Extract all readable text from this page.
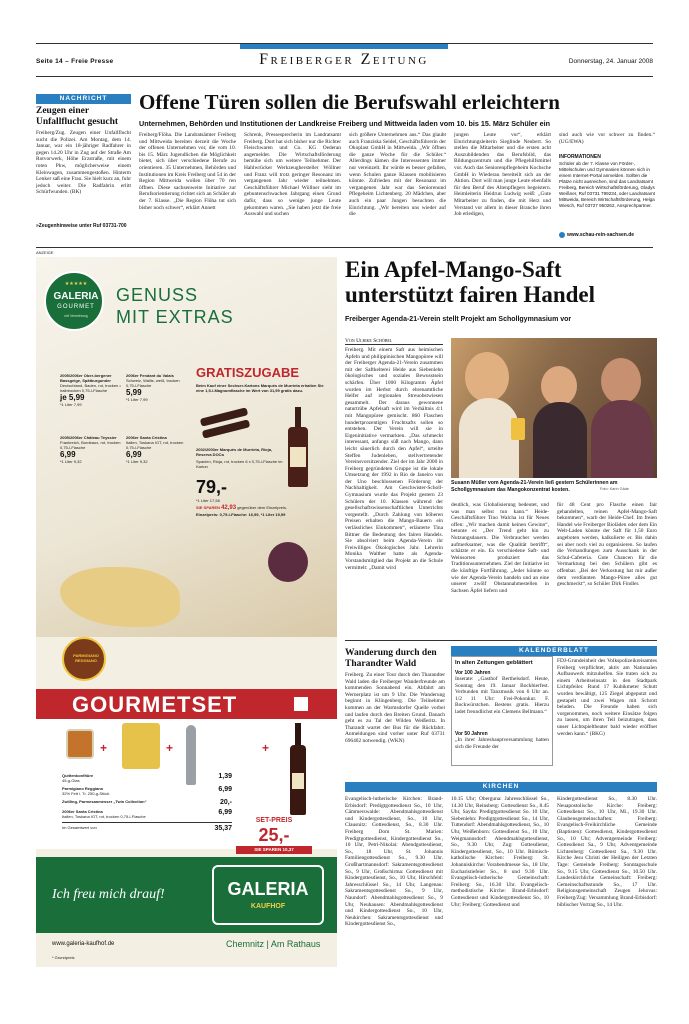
Seite 14 – Freie Presse	Freiberger Zeitung	Donnerstag, 24. Januar 2008
NACHRICHT
Zeugen einer Unfallflucht gesucht
Freiberg/Zug. Zeugen einer Unfallflucht sucht die Polizei. Am Montag, dem 14. Januar, war ein 18-jähriger Radfahrer in gegen 14.20 Uhr in Zug auf der Straße Am Rotvorwerk, Höhe Erzstraße, mit einem roten Pkw, möglicherweise einem Kleinwagen, zusammengestoßen. Hinterm Lenker saß eine Frau. Sie hielt kurz an, fuhr jedoch weiter. Die Radfahrin erlitt Schürfwunden. (BK)
»Zeugenhinweise unter Ruf 03731-700
Offene Türen sollen die Berufswahl erleichtern
Unternehmen, Behörden und Institutionen der Landkreise Freiberg und Mittweida laden vom 10. bis 15. März Schüler ein
Freiberg/Flöha. Die Landratsämter Freiberg und Mittweida bereiten derzeit die Woche der offenen Unternehmen vor, die vom 10. bis 15. März Jugendlichen die Möglichkeit bietet, sich über verschiedene Berufe zu orientieren. 35 Unternehmen, Behörden und Institutionen im Kreis Freiberg und 54 in der Region Mittweida wollen über 70 ren öffnen. Diese sachsenweite Initiative zur Berufsorientierung richtet sich an Schüler ab der 7. Klasse. „Die Region Flöha tut sich bisher noch schwer“, erklärt Annett
Schrenk, Pressesprecherin im Landratsamt Freiberg. Dort hat sich bisher nur die Richter Fleischwaren und Co. KG Oederan angemeldet. Die Wirtschaftsförderung bemühe sich um weitere Teilnehmer. Der Hahlwrücker Werkzeughersteller Wöllner und Franz will trotz geringer Resonanz im vergangenen Jahr wieder teilnehmen. Geschäftsführer Michael Wöllner sieht im gebuntenschwachen Jahrgang einen Grund dafür, dass so wenige junge Leute gekommen waren. „Sie haben jetzt die freie Auswahl und suchen
sich größere Unternehmen aus.“ Das glaubt auch Franziska Seidel, Geschäftsführerin der Okoplast GmbH in Mittweida. „Wir öffnen die ganze Woche für die Schüler.“ Allerdings kämen die Interessenten immer nur vereinzelt. Ihr würde es besser gefallen, wenn Schulen ganze Klassen mobilisieren könnte. Zufrieden mit der Resonanz im vergangenen Jahr war das Seniorenund Pflegeheim Lichtenberg. 20 Mädchen, aber auch ein paar Jungen besuchten die Einrichtung. „Wir bereiten uns wieder auf die
jungen Leute vor“, erklärt Einrichtungsleiterin Sieglinde Neubert. So stellen die Mitarbeiter und die ersten acht Auszubildenden das Berufsbild, das Bildungszentrum und die Pflegehilfsmittel vor. Auch das Seniorenpflegeheim Kochsche GmbH in Wiederau bereiteilt sich an der Aktion. Dort will man junge Leute ebenfalls für den Beruf des Altenpflegers begeistern. Heimleiterin Heidrun Ludwig weiß: „Gute Mitarbeiter zu finden, die mit Herz und Verstand vor allem in dieser Branche ihren Job erledigen,
sind auch wie vor schwer zu finden.“ (UG/EWA)
INFORMATIONEN
Schüler ab der 7. Klasse von Förder-, Mittelschulen und Gymnasien können sich in einem Internet-Portal anmelden. Sollten die Plätze nicht ausreichen, sind das Landratsamt Freiberg, Bereich Wirtschaftsförderung, Gladys Weißner, Ruf 03731 799234, oder Landratsamt Mittweida, Bereich Wirtschaftsförderung, Helga Wiesch, Ruf 03727 950262, Ansprechpartner.
www.schau-rein-sachsen.de
ANZEIGE
★★★★★
GALERIA
GOURMET
mit Vermietung
GENUSS
MIT EXTRAS
2005/2006er Ober-bergener Bassgeige, Spätburgunder
Deutschland, Baden, rot, trocken • halbtrocken 0,75-l-Flasche
je 5,99
*1 Liter 7,99
2006er Fendant du Valais
Schweiz, Wallis, weiß, trocken 0,75-l-Flasche
5,99
*1 Liter 7,99
2005/2006er Château Teyssier
Frankreich, Bordeaux, rot, trocken 0,75-l-Flasche
6,99
*1 Liter 9,32
2006er Santa Cristina
Italien, Toskana IGT, rot, trocken 0,75-l-Flasche
6,99
*1 Liter 9,32
GRATISZUGABE
Beim Kauf einer Sechser-Kartons Marqués de Murrieta erhalten Sie eine 1,5-l-Magnumflasche im Wert von 31,99 gratis dazu.
2002/2003er Marqués de Murrieta, Rioja, Reserva DOCa
Spanien, Rioja, rot, trocken 6 x 0,75-l-Flasche im Karton
79,-
*1 Liter 17,56
SIE SPAREN 42,93 gegenüber dem Einzelpreis.
Einzelpreis: 0,75-l-Flasche: 16,99, *1 Liter 19,99
PARMIGIANO REGGIANO
GOURMETSET
+	+	+
Quittenkonfitüre
45-g-Glas
1,39
Parmigiano Reggiano
32% Fett i. Tr. 250-g-Stück
6,99
Zwilling, Parmesanmesser „Twin Collection“	20,-
2006er Santa Cristina
Italien, Toskana IGT, rot, trocken 0,75-l-Flasche
6,99
Im Gesamtwert von	35,37
SET-PREIS
25,-
SIE SPAREN 10,37
Ich freu mich drauf!	GALERIA
KAUFHOF
www.galeria-kaufhof.de	Chemnitz | Am Rathaus
* Grundpreis
Ein Apfel-Mango-Saft
unterstützt fairen Handel
Freiberger Agenda-21-Verein stellt Projekt am Schollgymnasium vor
Von Ulrike Schöbel
Freiberg. Mit einem Saft aus heimischen Äpfeln und philippinischen Mangopüree will der Freiberger Agenda-21-Verein zusammen mit der Saftkelterei Heide aus Siebenlehn ökologisches und soziales Bewusstsein schärfen. Über 1000 Kilogramm Äpfel wurden im Herbst durch ehrenamtliche Helfer auf regionalen Streuobstwiesen gesammelt. Der daraus gewonnene naturtrübe Apfelsaft wird im Verhältnis 4:1 mit Mangopüree gemischt. 860 Flaschen hundertprozentigen Fruchtsafts sollen so entstehen. Der Verein will sie in Eigeninitiative vermarkten. „Das schmeckt interessant, anfangs süß nach Mango, dann leicht säuerlich durch den Apfel“, urteilte Steffen Judenleben, stellvertretender Vereinsvorsitzender. Ziel der im Jahr 2000 in Freiberg gegründeten Gruppe ist die lokale Umsetzung der 1992 in Rio de Janeiro von der Uno beschlossenen Förderung der Nachhaltigkeit. Am Geschwister-Scholl-Gymnasium wurde das Projekt gestern 23 Schülern der 10. Klassen während der gesellschaftswissenschaftlichen Unterrichts vorgestellt. „Durch Zahlung von höheren Preisen erhalten die Mango-Bauern ein verlässliches Einkommen“, erläuterte Tina Bittner die Bedeutung des fairen Handels. Sie absolviert beim Agenda-Verein ihr Freiwilliges Ökologisches Jahr. Lehrerin Monika Walther hatte als Agenda-Vorstandsmitglied das Projekt an die Schule vermittelt: „Damit wird
Susann Müller vom Agenda-21-Verein ließ gestern Schülerinnen am Schollgymnasium das Mangokonzentrat kosten.	Foto: Karin Gäde
deutlich, was Globalisierung bedeutet, und was man selbst tun kann.“ Heide-Geschäftsführer Tino Walcha ist für Neues offen: „Wir machen damit keinen Gewinn“, betonte er. „Der Trend geht hin zu Nutzungsdauern. Die Verbraucher werden aufmerksamer, was die Qualität betrifft“, schätzte er ein. Es verschiedene Saft- und Weinsorten produziert das Traditionsunternehmen. Ziel der Initiative ist die künftige Fortführung. „Jeder könnte so wie der Agenda-Verein handeln und an eine unserer zwölf Obstannahmestellen in Sachsen Äpfel liefern und
für 48 Cent pro Flasche einen fair gehandelten, reinen Apfel-Mango-Saft bekommen“, warb der Heide-Chef. Im freien Handel wie Freiberger Bioläden oder dem Ein Welt-Laden könnte der Saft für 1,50 Euro angeboten werden, kalkulierte er. Bis dahin sei aber noch viel zu organisieren. So laufen die Verhandlungen zum Ausschank in der Schul-Cafeteria. Gute Chancen für die Vermarktung bei den Schülern gibt es offenbar. „Bei der Verkostung hat mir außer dem verdünnten Mango-Püree alles gut geschmeckt“, so Schüler Dirk Findler.
Wanderung durch den Tharandter Wald
Freiberg. Zu einer Tour durch den Tharandter Wald laden die Freiberger Wanderfreunde am kommenden Sonnabend ein. Abfahrt am Wernerplatz ist um 9 Uhr. Die Wanderung beginnt in Klingenberg. Die Teilnehmer kommen an der Warmsdorfer Quelle vorbei und laufen durch den Breiten Grund. Danach geht es zu Tal der Wilden Weißeritz. In Tharandt wartet der Bus für die Rückfahrt. Anmeldungen sind vorher unter Ruf 03731 696402 notwendig. (WKN)
KALENDERBLATT
In alten Zeitungen geblättert
Vor 100 Jahren
Inserate: „Gasthof Berthelsdorf. Heute, Sonntag den 19. Januar Bockbierfest. Verbunden mit Tanzmusik von 6 Uhr an. 1/2 11 Uhr: Frei-Pokonkur. F. Bockwürstchen. Bestens gratis. Hierzu ladet freundlichst ein Clemens Bellmann.“
Vor 50 Jahren
„In ihrer Jahreshauptversammlung hatten sich die Freunde der
FDJ-Grundeinheit des Volkspolizeikreisamtes Freiberg verpflichtet, aktiv am Nationalen Aufbauwerk mitzuhelfen. Sie traten sich zu einem Arbeitseinsatz in den Stadtpark Lichtpfeiler. Rund 17 Kubikmeter Schutt wurden bewältigt, 125 Ziegel abgeputzt und gestapelt und zwei Wagen mit Schrott beladen. Die Freunde haben sich vorgenommen, noch weitere Einsätze folgen zu lassen, um ihren Teil beizutragen, dass unser Lichtspieltheater bald wieder eröffnet werden kann.“ (BKG)
KIRCHEN
Evangelisch-lutherische Kirchen: Brand-Erbisdorf: Predigtgottesdienst So., 10 Uhr, Cämmerswalde: Abendmahlsgottesdienst und Kindergottesdienst, So., 10 Uhr, Clausnitz: Gottesdienst, So., 8.30 Uhr. Freiberg Dom St. Marien: Predigtgottesdienst, Kindergottesdienst So., 10 Uhr, Petri-Nikolai: Abendgottesdienst, So., 18 Uhr, St. Johannis Familiengottesdienst So., 9.30 Uhr. Großhartmannsdorf: Sakramentsgottesdienst So., 9 Uhr, Großschirma: Gottesdienst mit Kindergottesdienst, So., 10 Uhr, Hirschfeld: Jahresschlüssel So., 14 Uhr, Langenau: Sakramentsgottesdienst So., 9 Uhr, Naundorf: Abendmahlsgottesdienst So., 9 Uhr, Neuhausen: Abendmahlsgottesdienst und Kindergottesdienst So., 10 Uhr, Neukirchen: Sakramentsgottesdienst und Kindergottesdienst So.,
10.15 Uhr; Oberguna: Jahresschlüssel So., 14.30 Uhr, Reinsberg: Gottesdienst So., 8.45 Uhr, Sayda: Predigtgottesdienst So. 10 Uhr, Siebenlehn: Predigtgottesdienst So., 14 Uhr, Tuttendorf: Abendmahlsgottesdienst, So., 10 Uhr, Weißenborn: Gottesdienst So., 10 Uhr, Weigmannsdorf: Abendmahlsgottesdienst, So., 9.30 Uhr, Zug: Gottesdienst, Kindergottesdienst, So., 10 Uhr. Römisch-katholische Kirchen: Freiberg: St. Johanniskirche: Vorabendmesse Sa., 18 Uhr, Eucharistiefeier So., 8 und 9.30 Uhr. Evangelisch-lutherische Gemeinschaft: Freiberg: So., 16.30 Uhr. Evangelisch-methodistische Kirche: Brand-Erbisdorf: Gottesdienst und Kindergottesdienst So., 10 Uhr; Freiberg: Gottesdienst und
Kindergottesdienst So., 8.30 Uhr. Neuapostolische Kirche: Freiberg: Gottesdienst So., 10 Uhr, Mi., 19.30 Uhr. Glaubensgemeinschaften: Freiberg: Evangelisch-Freikirchliche Gemeinde (Baptisten): Gottesdienst, Kindergottesdienst So., 10 Uhr; Adventgemeinde Freiberg: Gottesdienst Sa., 9 Uhr, Adventgemeinde Lichtenberg: Gottesdienst Sa., 9.30 Uhr. Kirche Jesu Christi der Heiligen der Letzten Tage: Gemeinde Freiberg: Sonntagsschule So., 9.15 Uhr, Gottesdienst So., 10.50 Uhr. Landeskirchliche Gemeinschaft: Freiberg: Gemeinschaftsstunde So., 17 Uhr. Religionsgemeinschaft Zeugen Jehovas: Freiberg/Zug: Versammlung Brand-Erbisdorf: biblischer Vortrag So., 14 Uhr.
